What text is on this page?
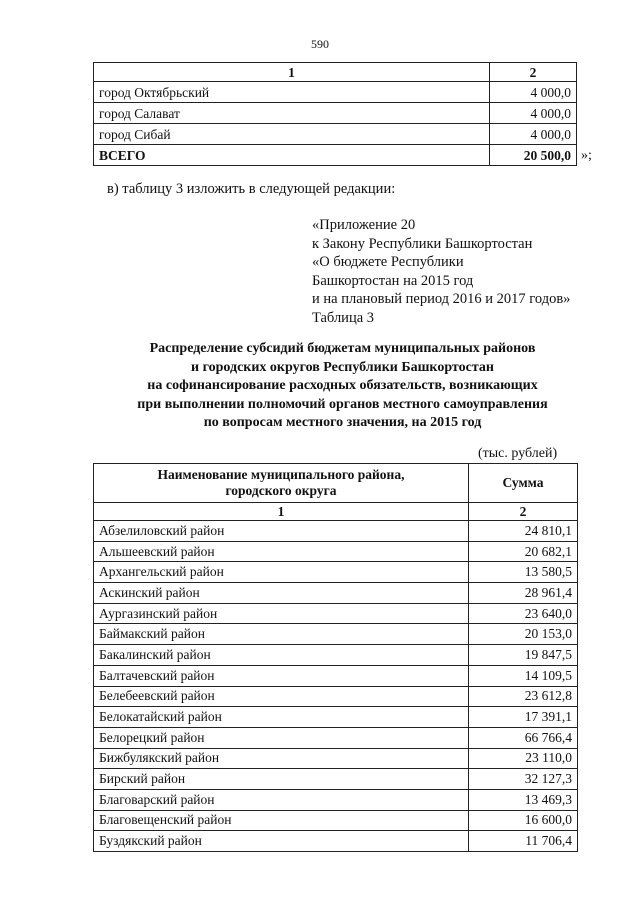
590
1	2
город Октябрьский	4 000,0
город Салават	4 000,0
город Сибай	4 000,0
ВСЕГО	20 500,0 »;
в) таблицу 3 изложить в следующей редакции:
«Приложение 20
к Закону Республики Башкортостан
«О бюджете Республики
Башкортостан на 2015 год
и на плановый период 2016 и 2017 годов»
Таблица 3
Распределение субсидий бюджетам муниципальных районов
и городских округов Республики Башкортостан
на софинансирование расходных обязательств, возникающих
при выполнении полномочий органов местного самоуправления
по вопросам местного значения, на 2015 год
(тыс. рублей)
Наименование муниципального района,
городского округа	Сумма
1	2
Абзелиловский район	24 810,1
Альшеевский район	20 682,1
Архангельский район	13 580,5
Аскинский район	28 961,4
Аургазинский район	23 640,0
Баймакский район	20 153,0
Бакалинский район	19 847,5
Балтачевский район	14 109,5
Белебеевский район	23 612,8
Белокатайский район	17 391,1
Белорецкий район	66 766,4
Бижбулякский район	23 110,0
Бирский район	32 127,3
Благоварский район	13 469,3
Благовещенский район	16 600,0
Буздякский район	11 706,4
